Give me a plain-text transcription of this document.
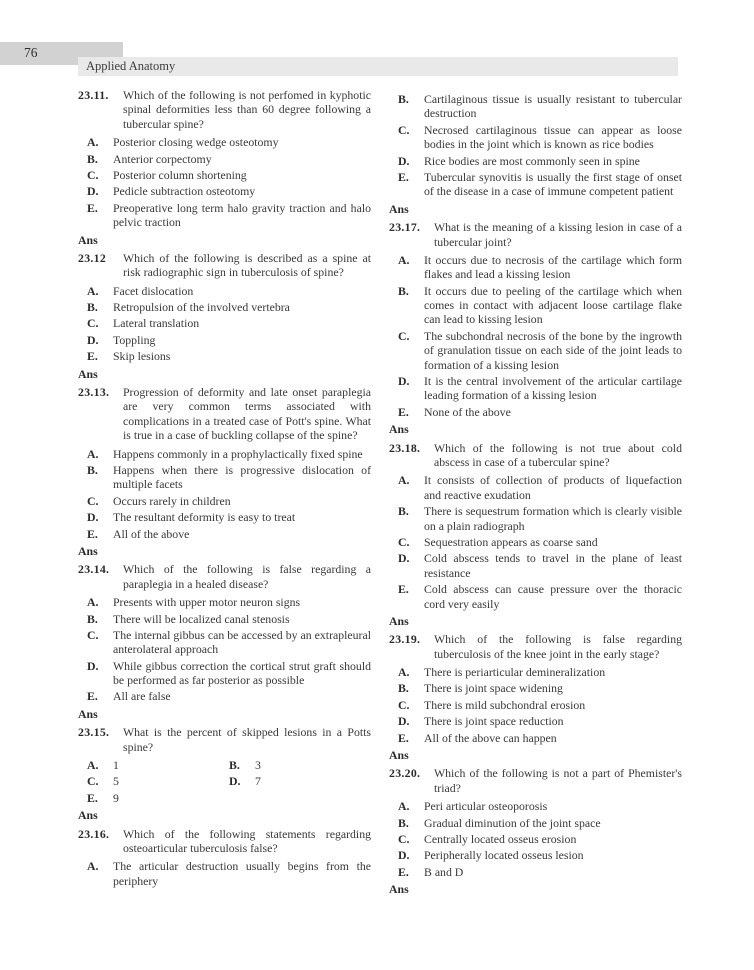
76
Applied Anatomy
23.11.	Which of the following is not perfomed in kyphotic spinal deformities less than 60 degree following a tubercular spine?
A.	Posterior closing wedge osteotomy
B.	Anterior corpectomy
C.	Posterior column shortening
D.	Pedicle subtraction osteotomy
E.	Preoperative long term halo gravity traction and halo pelvic traction
Ans
23.12	Which of the following is described as a spine at risk radiographic sign in tuberculosis of spine?
A.	Facet dislocation
B.	Retropulsion of the involved vertebra
C.	Lateral translation
D.	Toppling
E.	Skip lesions
Ans
23.13.	Progression of deformity and late onset paraplegia are very common terms associated with complications in a treated case of Pott's spine. What is true in a case of buckling collapse of the spine?
A.	Happens commonly in a prophylactically fixed spine
B.	Happens when there is progressive dislocation of multiple facets
C.	Occurs rarely in children
D.	The resultant deformity is easy to treat
E.	All of the above
Ans
23.14.	Which of the following is false regarding a paraplegia in a healed disease?
A.	Presents with upper motor neuron signs
B.	There will be localized canal stenosis
C.	The internal gibbus can be accessed by an extrapleural anterolateral approach
D.	While gibbus correction the cortical strut graft should be performed as far posterior as possible
E.	All are false
Ans
23.15.	What is the percent of skipped lesions in a Potts spine?
A.	1	B.	3
C.	5	D.	7
E.	9
Ans
23.16.	Which of the following statements regarding osteoarticular tuberculosis false?
A.	The articular destruction usually begins from the periphery
B.	Cartilaginous tissue is usually resistant to tubercular destruction
C.	Necrosed cartilaginous tissue can appear as loose bodies in the joint which is known as rice bodies
D.	Rice bodies are most commonly seen in spine
E.	Tubercular synovitis is usually the first stage of onset of the disease in a case of immune competent patient
Ans
23.17.	What is the meaning of a kissing lesion in case of a tubercular joint?
A.	It occurs due to necrosis of the cartilage which form flakes and lead a kissing lesion
B.	It occurs due to peeling of the cartilage which when comes in contact with adjacent loose cartilage flake can lead to kissing lesion
C.	The subchondral necrosis of the bone by the ingrowth of granulation tissue on each side of the joint leads to formation of a kissing lesion
D.	It is the central involvement of the articular cartilage leading formation of a kissing lesion
E.	None of the above
Ans
23.18.	Which of the following is not true about cold abscess in case of a tubercular spine?
A.	It consists of collection of products of liquefaction and reactive exudation
B.	There is sequestrum formation which is clearly visible on a plain radiograph
C.	Sequestration appears as coarse sand
D.	Cold abscess tends to travel in the plane of least resistance
E.	Cold abscess can cause pressure over the thoracic cord very easily
Ans
23.19.	Which of the following is false regarding tuberculosis of the knee joint in the early stage?
A.	There is periarticular demineralization
B.	There is joint space widening
C.	There is mild subchondral erosion
D.	There is joint space reduction
E.	All of the above can happen
Ans
23.20.	Which of the following is not a part of Phemister's triad?
A.	Peri articular osteoporosis
B.	Gradual diminution of the joint space
C.	Centrally located osseus erosion
D.	Peripherally located osseus lesion
E.	B and D
Ans
